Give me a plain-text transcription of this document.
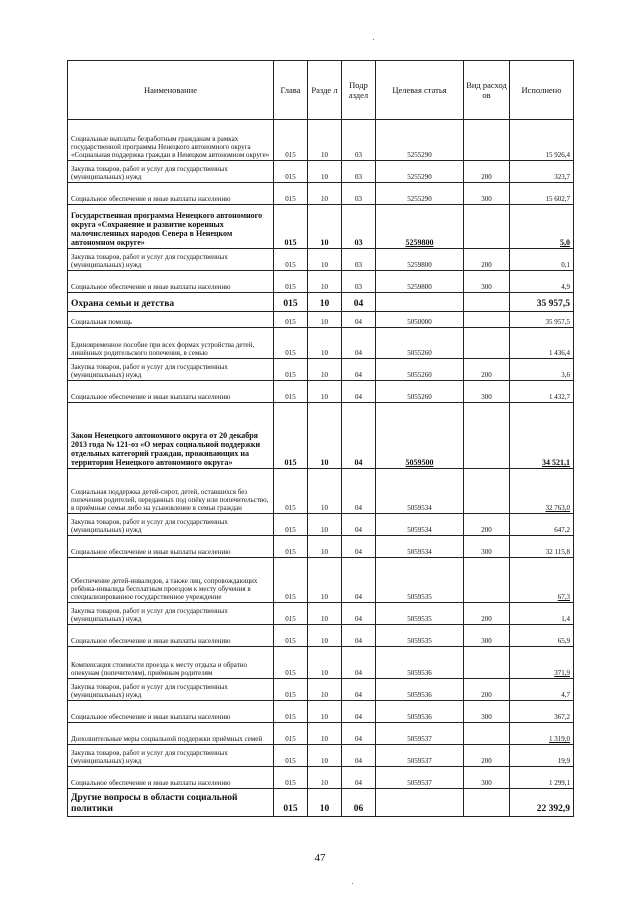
Наименование	Глава	Разде л	Подр аздел	Целевая статья	Вид расход ов	Исполнено
Социальные выплаты безработным гражданам в рамках государственной программы Ненецкого автономного округа «Социальная поддержка граждан в Ненецком автономном округе»	015	10	03	5255290		15 926,4
Закупка товаров, работ и услуг для государственных (муниципальных) нужд	015	10	03	5255290	200	323,7
Социальное обеспечение и иные выплаты населению	015	10	03	5255290	300	15 602,7
Государственная программа Ненецкого автономного округа «Сохранение и развитие коренных малочисленных народов Севера в Ненецком автономном округе»	015	10	03	5259800		5,0
Закупка товаров, работ и услуг для государственных (муниципальных) нужд	015	10	03	5259800	200	0,1
Социальное обеспечение и иные выплаты населению	015	10	03	5259800	300	4,9
Охрана семьи и детства	015	10	04			35 957,5
Социальная помощь	015	10	04	5050000		35 957,5
Единовременное пособие при всех формах устройства детей, лишённых родительского попечения, в семью	015	10	04	5055260		1 436,4
Закупка товаров, работ и услуг для государственных (муниципальных) нужд	015	10	04	5055260	200	3,6
Социальное обеспечение и иные выплаты населению	015	10	04	5055260	300	1 432,7
Закон Ненецкого автономного округа от 20 декабря 2013 года № 121-оз «О мерах социальной поддержки отдельных категорий граждан, проживающих на территории Ненецкого автономного округа»	015	10	04	5059500		34 521,1
Социальная поддержка детей-сирот, детей, оставшихся без попечения родителей, переданных под опёку или попечительство, в приёмные семьи либо на усыновление в семьи граждан	015	10	04	5059534		32 763,0
Закупка товаров, работ и услуг для государственных (муниципальных) нужд	015	10	04	5059534	200	647,2
Социальное обеспечение и иные выплаты населению	015	10	04	5059534	300	32 115,8
Обеспечение детей-инвалидов, а также лиц, сопровождающих ребёнка-инвалида бесплатным проездом к месту обучения в специализированное государственное учреждение	015	10	04	5059535		67,3
Закупка товаров, работ и услуг для государственных (муниципальных) нужд	015	10	04	5059535	200	1,4
Социальное обеспечение и иные выплаты населению	015	10	04	5059535	300	65,9
Компенсация стоимости проезда к месту отдыха и обратно опекунам (попечителям), приёмным родителям	015	10	04	5059536		371,9
Закупка товаров, работ и услуг для государственных (муниципальных) нужд	015	10	04	5059536	200	4,7
Социальное обеспечение и иные выплаты населению	015	10	04	5059536	300	367,2
Дополнительные меры социальной поддержки приёмных семей	015	10	04	5059537		1 319,0
Закупка товаров, работ и услуг для государственных (муниципальных) нужд	015	10	04	5059537	200	19,9
Социальное обеспечение и иные выплаты населению	015	10	04	5059537	300	1 299,1
Другие вопросы в области социальной политики	015	10	06			22 392,9
47
